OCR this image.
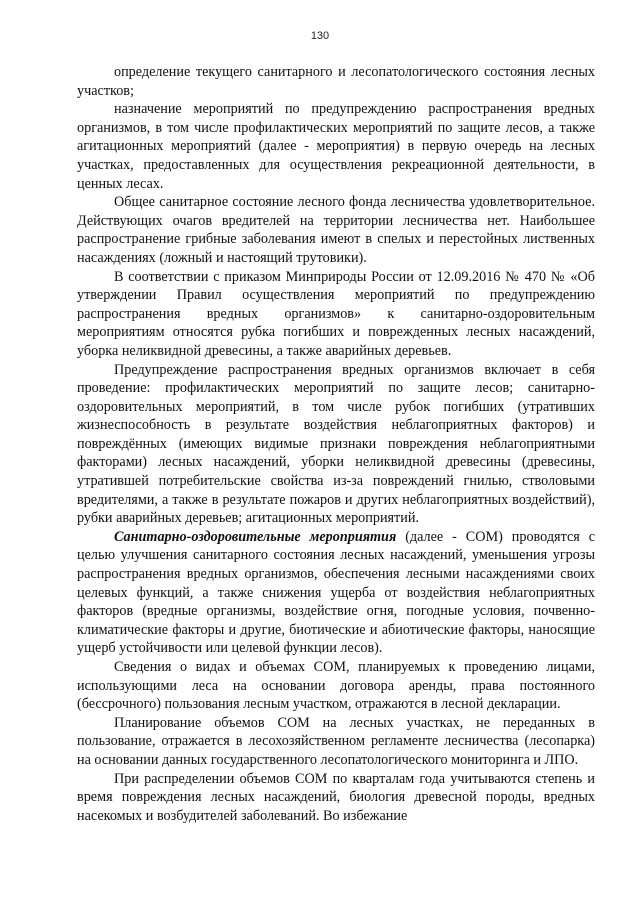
130

определение текущего санитарного и лесопатологического состояния лесных участков;

назначение мероприятий по предупреждению распространения вредных организмов, в том числе профилактических мероприятий по защите лесов, а также агитационных мероприятий (далее - мероприятия) в первую очередь на лесных участках, предоставленных для осуществления рекреационной деятельности, в ценных лесах.

Общее санитарное состояние лесного фонда лесничества удовлетворительное. Действующих очагов вредителей на территории лесничества нет. Наибольшее распространение грибные заболевания имеют в спелых и перестойных лиственных насаждениях (ложный и настоящий трутовики).

В соответствии с приказом Минприроды России от 12.09.2016 № 470 № «Об утверждении Правил осуществления мероприятий по предупреждению распространения вредных организмов» к санитарно-оздоровительным мероприятиям относятся рубка погибших и поврежденных лесных насаждений, уборка неликвидной древесины, а также аварийных деревьев.

Предупреждение распространения вредных организмов включает в себя проведение: профилактических мероприятий по защите лесов; санитарно-оздоровительных мероприятий, в том числе рубок погибших (утративших жизнеспособность в результате воздействия неблагоприятных факторов) и повреждённых (имеющих видимые признаки повреждения неблагоприятными факторами) лесных насаждений, уборки неликвидной древесины (древесины, утратившей потребительские свойства из-за повреждений гнилью, стволовыми вредителями, а также в результате пожаров и других неблагоприятных воздействий), рубки аварийных деревьев; агитационных мероприятий.

Санитарно-оздоровительные мероприятия (далее - СОМ) проводятся с целью улучшения санитарного состояния лесных насаждений, уменьшения угрозы распространения вредных организмов, обеспечения лесными насаждениями своих целевых функций, а также снижения ущерба от воздействия неблагоприятных факторов (вредные организмы, воздействие огня, погодные условия, почвенно-климатические факторы и другие, биотические и абиотические факторы, наносящие ущерб устойчивости или целевой функции лесов).

Сведения о видах и объемах СОМ, планируемых к проведению лицами, использующими леса на основании договора аренды, права постоянного (бессрочного) пользования лесным участком, отражаются в лесной декларации.

Планирование объемов СОМ на лесных участках, не переданных в пользование, отражается в лесохозяйственном регламенте лесничества (лесопарка) на основании данных государственного лесопатологического мониторинга и ЛПО.

При распределении объемов СОМ по кварталам года учитываются степень и время повреждения лесных насаждений, биология древесной породы, вредных насекомых и возбудителей заболеваний. Во избежание
